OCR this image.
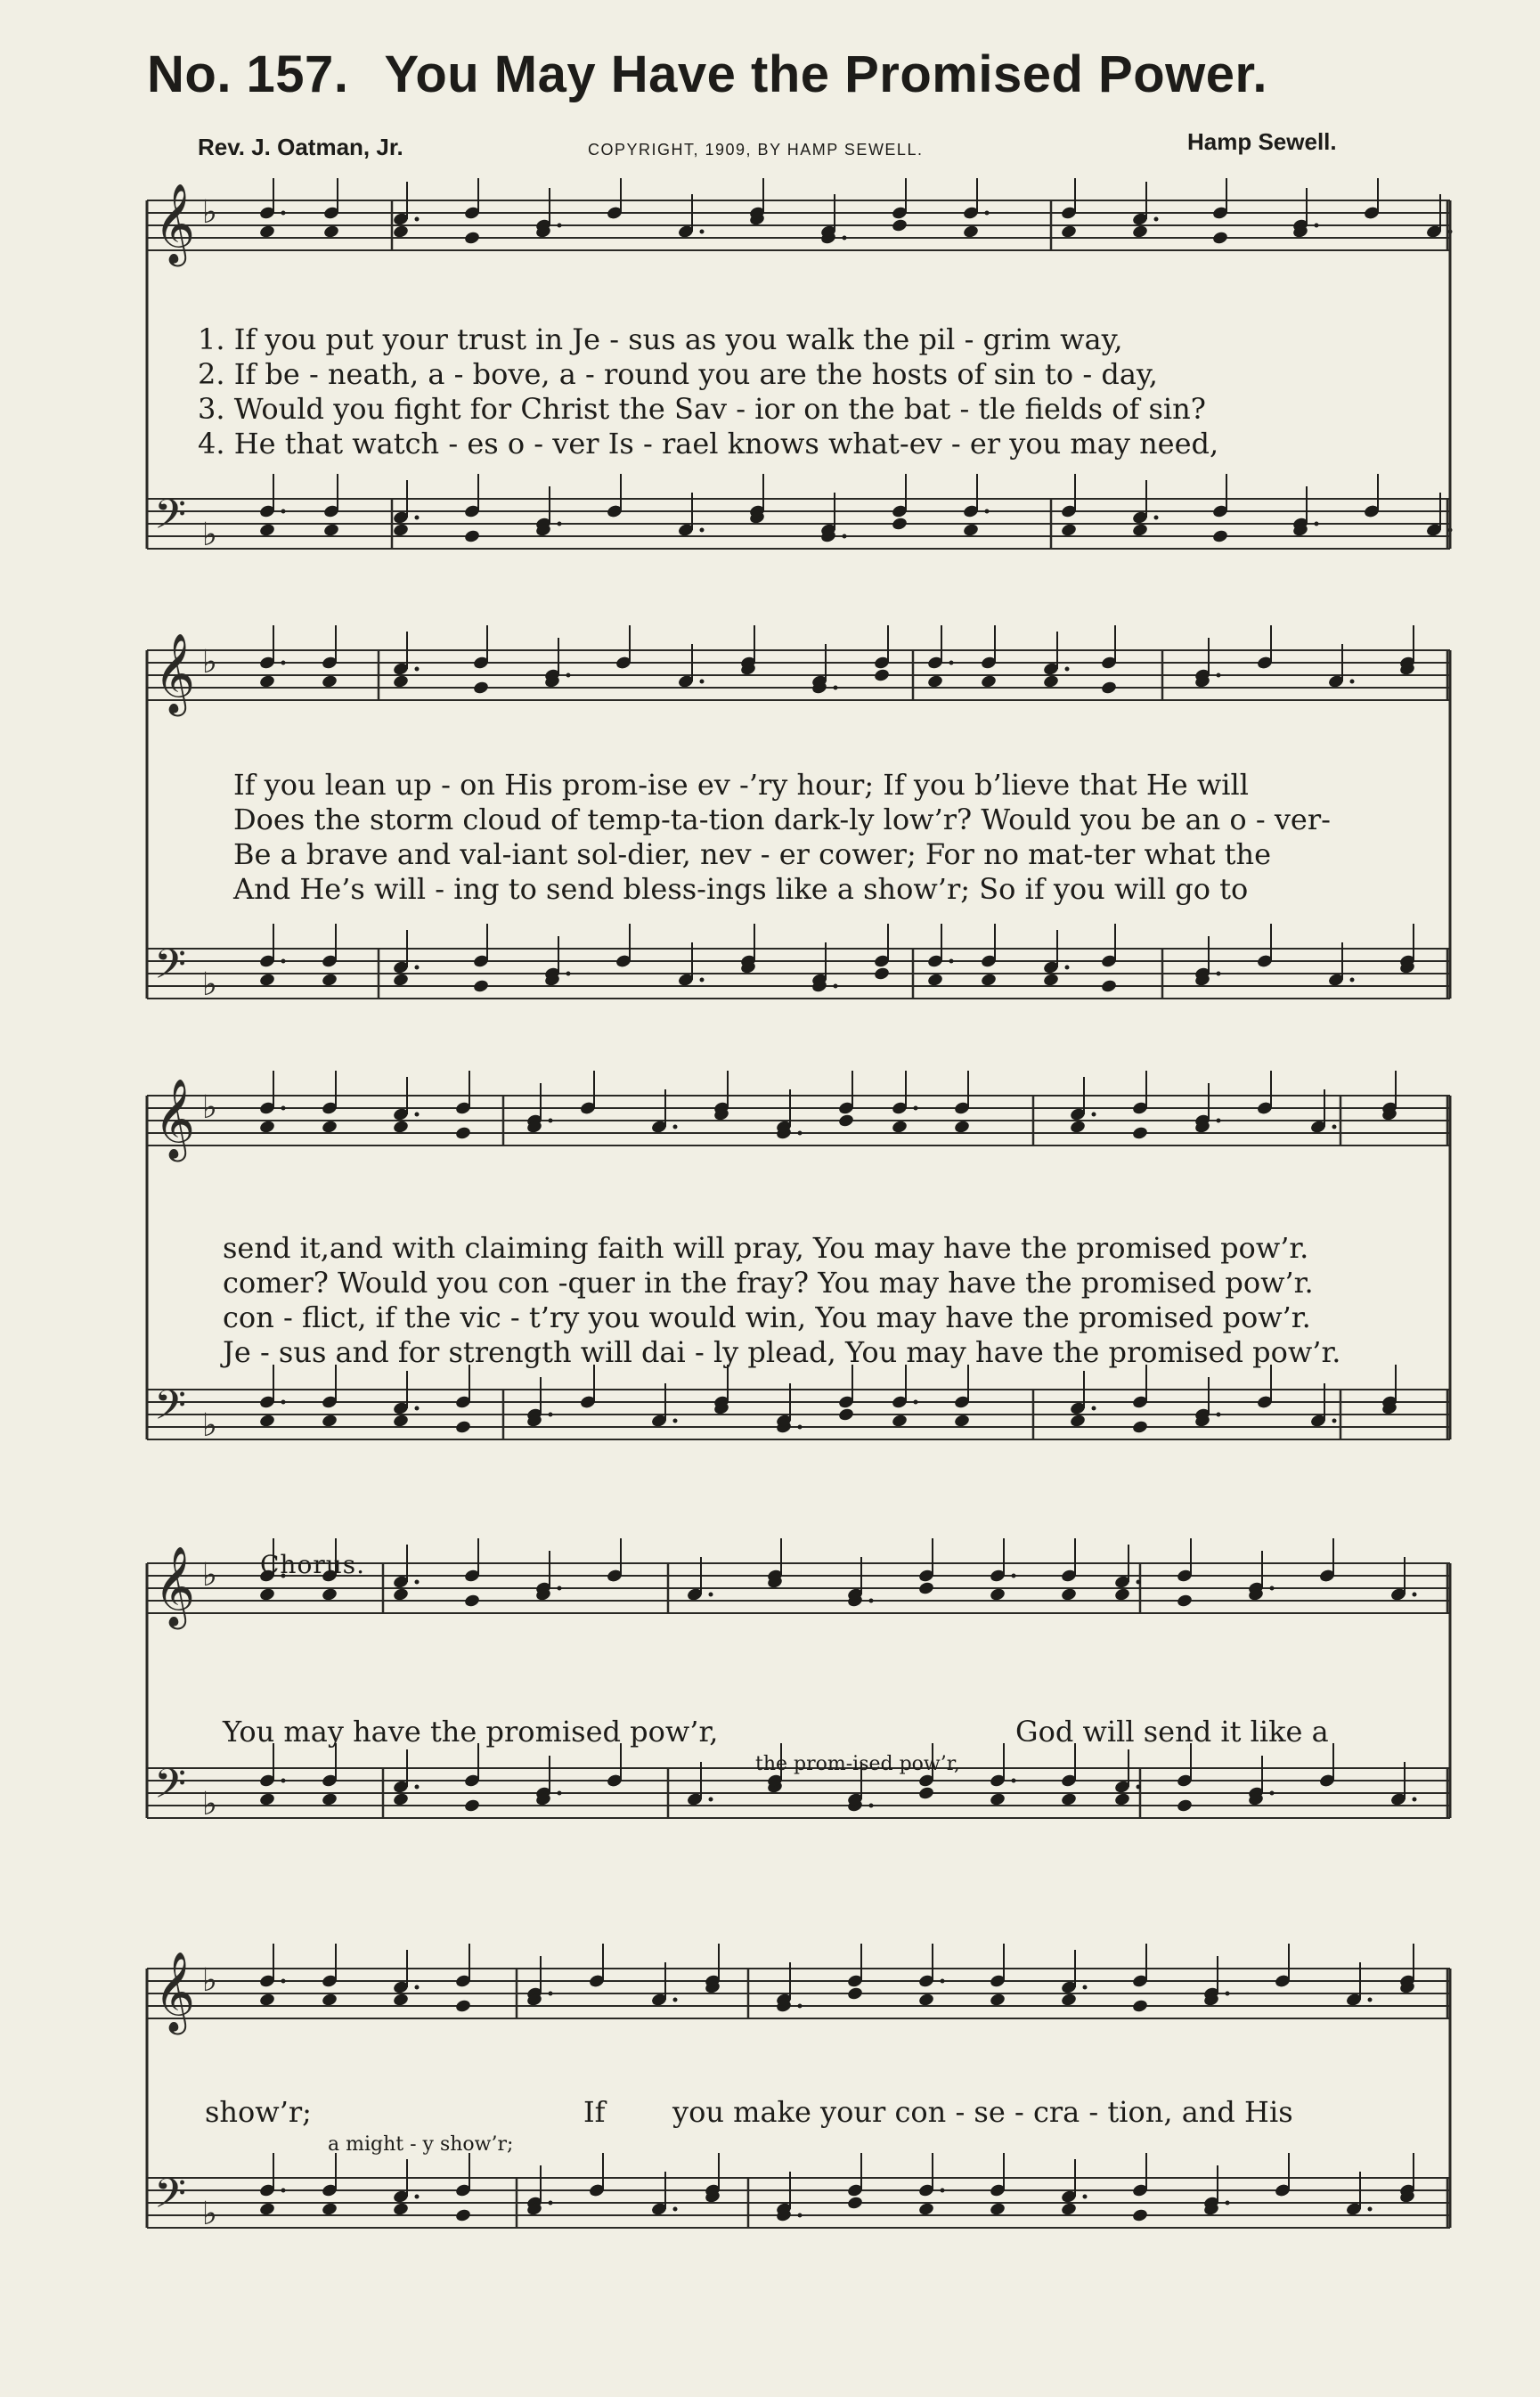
No. 157. You May Have the Promised Power.
Rev. J. Oatman, Jr.	COPYRIGHT, 1909, BY HAMP SEWELL.	Hamp Sewell.
𝄞 ♭
𝄢 ♭
1. If you put your trust in Je - sus as you walk the pil - grim way,
2. If be - neath, a - bove, a - round you are the hosts of sin to - day,
3. Would you fight for Christ the Sav - ior on the bat - tle fields of sin?
4. He that watch - es o - ver Is - rael knows what-ev - er you may need,
𝄞 ♭
𝄢 ♭
If you lean up - on His prom-ise ev -’ry hour; If you b’lieve that He will
Does the storm cloud of temp-ta-tion dark-ly low’r? Would you be an o - ver-
Be a brave and val-iant sol-dier, nev - er cower; For no mat-ter what the
And He’s will - ing to send bless-ings like a show’r; So if you will go to
𝄞 ♭
𝄢 ♭
send it,and with claiming faith will pray, You may have the promised pow’r.
comer? Would you con -quer in the fray? You may have the promised pow’r.
con - flict, if the vic - t’ry you would win, You may have the promised pow’r.
Je - sus and for strength will dai - ly plead, You may have the promised pow’r.
𝄞 ♭
𝄢 ♭
Chorus.
You may have the promised pow’r,	God will send it like a
the prom-ised pow’r,
𝄞 ♭
𝄢 ♭
show’r;	If you make your con - se - cra - tion, and His
a might - y show’r;
